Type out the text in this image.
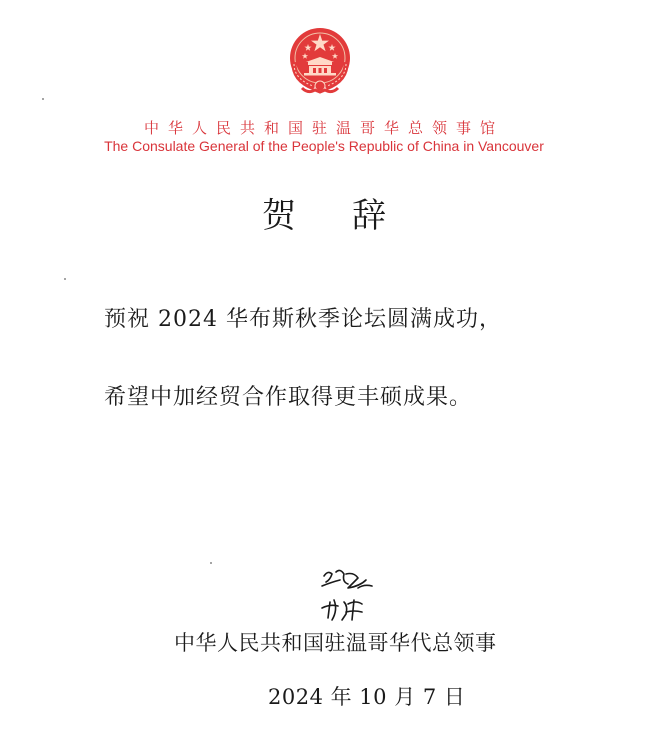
中华人民共和国驻温哥华总领事馆
The Consulate General of the People's Republic of China in Vancouver
贺辞
预祝 2024 华布斯秋季论坛圆满成功，
希望中加经贸合作取得更丰硕成果。
中华人民共和国驻温哥华代总领事
2024 年 10 月 7 日
